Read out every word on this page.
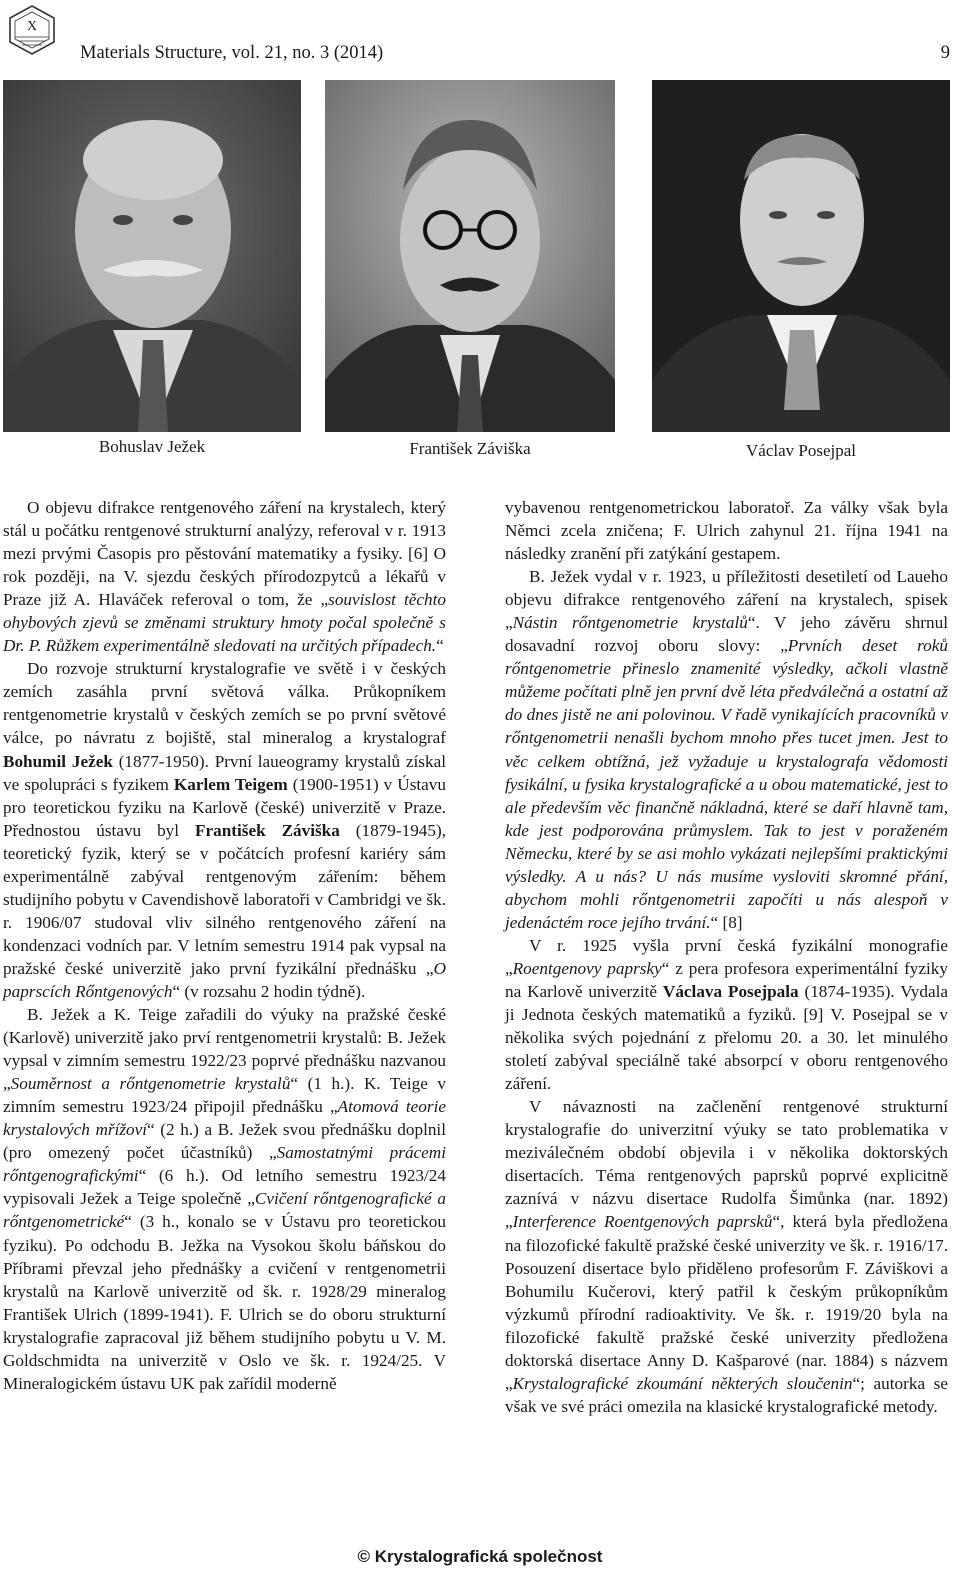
X
Materials Structure, vol. 21, no. 3 (2014)	9
Bohuslav Ježek	František Záviška	Václav Posejpal

O objevu difrakce rentgenového záření na krystalech, který stál u počátku rentgenové strukturní analýzy, referoval v r. 1913 mezi prvými Časopis pro pěstování matematiky a fysiky. [6] O rok později, na V. sjezdu českých přírodozpytců a lékařů v Praze již A. Hlaváček referoval o tom, že „souvislost těchto ohybových zjevů se změnami struktury hmoty počal společně s Dr. P. Růžkem experimentálně sledovati na určitých případech.“

Do rozvoje strukturní krystalografie ve světě i v českých zemích zasáhla první světová válka. Průkopníkem rentgenometrie krystalů v českých zemích se po první světové válce, po návratu z bojiště, stal mineralog a krystalograf Bohumil Ježek (1877-1950). První laueogramy krystalů získal ve spolupráci s fyzikem Karlem Teigem (1900-1951) v Ústavu pro teoretickou fyziku na Karlově (české) univerzitě v Praze. Přednostou ústavu byl František Záviška (1879-1945), teoretický fyzik, který se v počátcích profesní kariéry sám experimentálně zabýval rentgenovým zářením: během studijního pobytu v Cavendishově laboratoři v Cambridgi ve šk. r. 1906/07 studoval vliv silného rentgenového záření na kondenzaci vodních par. V letním semestru 1914 pak vypsal na pražské české univerzitě jako první fyzikální přednášku „O paprscích Rőntgenových“ (v rozsahu 2 hodin týdně).

B. Ježek a K. Teige zařadili do výuky na pražské české (Karlově) univerzitě jako prví rentgenometrii krystalů: B. Ježek vypsal v zimním semestru 1922/23 poprvé přednášku nazvanou „Souměrnost a rőntgenometrie krystalů“ (1 h.). K. Teige v zimním semestru 1923/24 připojil přednášku „Atomová teorie krystalových mřížoví“ (2 h.) a B. Ježek svou přednášku doplnil (pro omezený počet účastníků) „Samostatnými prácemi rőntgenografickými“ (6 h.). Od letního semestru 1923/24 vypisovali Ježek a Teige společně „Cvičení rőntgenografické a rőntgenometrické“ (3 h., konalo se v Ústavu pro teoretickou fyziku). Po odchodu B. Ježka na Vysokou školu báňskou do Příbrami převzal jeho přednášky a cvičení v rentgenometrii krystalů na Karlově univerzitě od šk. r. 1928/29 mineralog František Ulrich (1899-1941). F. Ulrich se do oboru strukturní krystalografie zapracoval již během studijního pobytu u V. M. Goldschmidta na univerzitě v Oslo ve šk. r. 1924/25. V Mineralogickém ústavu UK pak zařídil moderně

vybavenou rentgenometrickou laboratoř. Za války však byla Němci zcela zničena; F. Ulrich zahynul 21. října 1941 na následky zranění při zatýkání gestapem.

B. Ježek vydal v r. 1923, u příležitosti desetiletí od Laueho objevu difrakce rentgenového záření na krystalech, spisek „Nástin rőntgenometrie krystalů“. V jeho závěru shrnul dosavadní rozvoj oboru slovy: „Prvních deset roků rőntgenometrie přineslo znamenité výsledky, ačkoli vlastně můžeme počítati plně jen první dvě léta předválečná a ostatní až do dnes jistě ne ani polovinou. V řadě vynikajících pracovníků v rőntgenometrii nenašli bychom mnoho přes tucet jmen. Jest to věc celkem obtížná, jež vyžaduje u krystalografa vědomosti fysikální, u fysika krystalografické a u obou matematické, jest to ale především věc finančně nákladná, které se daří hlavně tam, kde jest podporována průmyslem. Tak to jest v poraženém Německu, které by se asi mohlo vykázati nejlepšími praktickými výsledky. A u nás? U nás musíme vysloviti skromné přání, abychom mohli rőntgenometrii započíti u nás alespoň v jedenáctém roce jejího trvání.“ [8]

V r. 1925 vyšla první česká fyzikální monografie „Roentgenovy paprsky“ z pera profesora experimentální fyziky na Karlově univerzitě Václava Posejpala (1874-1935). Vydala ji Jednota českých matematiků a fyziků. [9] V. Posejpal se v několika svých pojednání z přelomu 20. a 30. let minulého století zabýval speciálně také absorpcí v oboru rentgenového záření.

V návaznosti na začlenění rentgenové strukturní krystalografie do univerzitní výuky se tato problematika v meziválečném období objevila i v několika doktorských disertacích. Téma rentgenových paprsků poprvé explicitně zaznívá v názvu disertace Rudolfa Šimůnka (nar. 1892) „Interference Roentgenových paprsků“, která byla předložena na filozofické fakultě pražské české univerzity ve šk. r. 1916/17. Posouzení disertace bylo přiděleno profesorům F. Záviškovi a Bohumilu Kučerovi, který patřil k českým průkopníkům výzkumů přírodní radioaktivity. Ve šk. r. 1919/20 byla na filozofické fakultě pražské české univerzity předložena doktorská disertace Anny D. Kašparové (nar. 1884) s názvem „Krystalografické zkoumání některých sloučenin“; autorka se však ve své práci omezila na klasické krystalografické metody.

© Krystalografická společnost
